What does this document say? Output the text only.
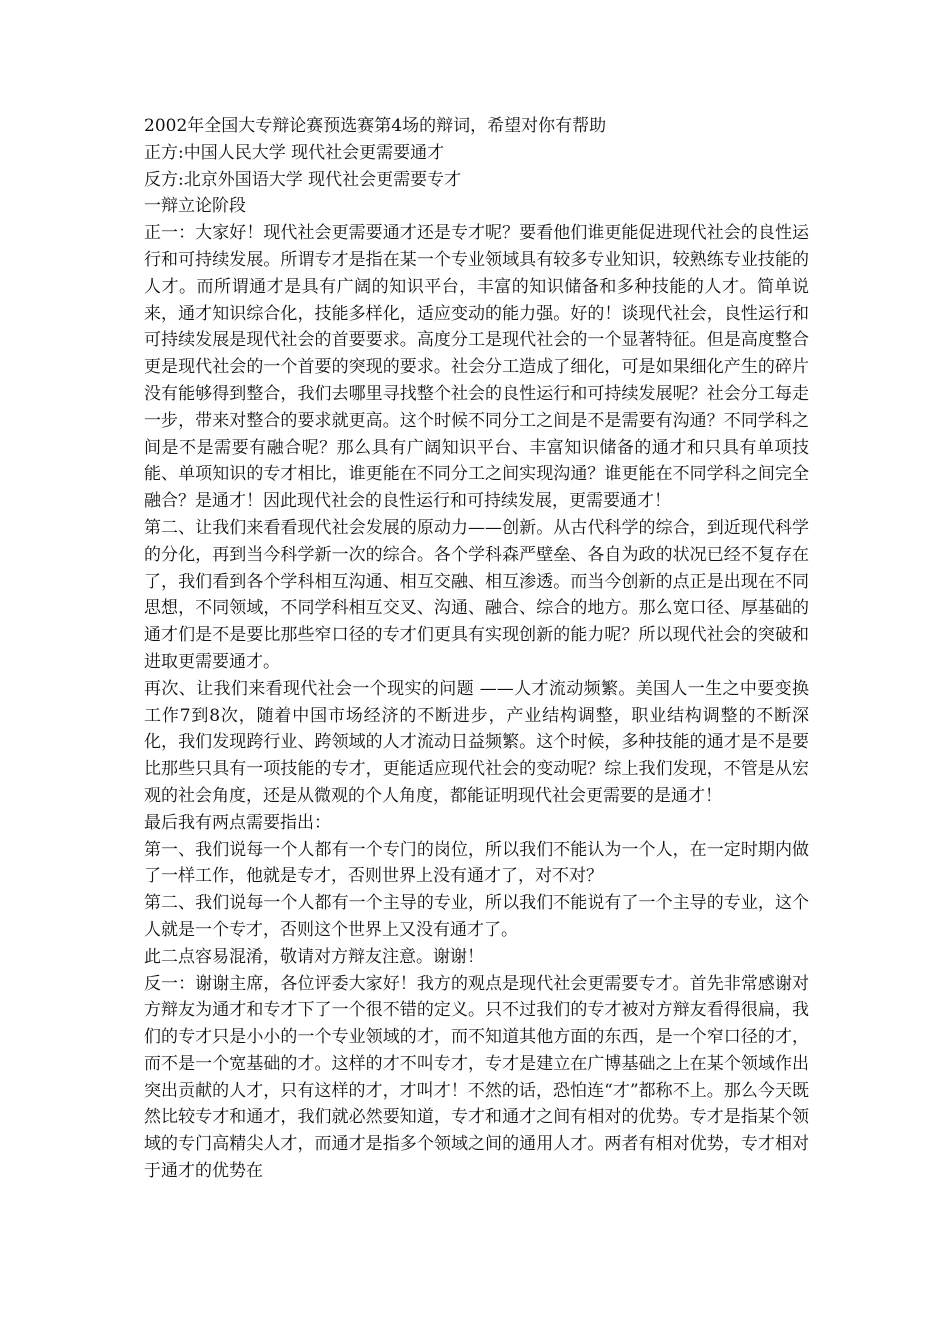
2002年全国大专辩论赛预选赛第4场的辩词，希望对你有帮助

正方:中国人民大学 现代社会更需要通才

反方:北京外国语大学 现代社会更需要专才

一辩立论阶段

正一：大家好！现代社会更需要通才还是专才呢？要看他们谁更能促进现代社会的良性运行和可持续发展。所谓专才是指在某一个专业领域具有较多专业知识，较熟练专业技能的人才。而所谓通才是具有广阔的知识平台，丰富的知识储备和多种技能的人才。简单说来，通才知识综合化，技能多样化，适应变动的能力强。好的！谈现代社会，良性运行和可持续发展是现代社会的首要要求。高度分工是现代社会的一个显著特征。但是高度整合更是现代社会的一个首要的突现的要求。社会分工造成了细化，可是如果细化产生的碎片没有能够得到整合，我们去哪里寻找整个社会的良性运行和可持续发展呢？社会分工每走一步，带来对整合的要求就更高。这个时候不同分工之间是不是需要有沟通？不同学科之间是不是需要有融合呢？那么具有广阔知识平台、丰富知识储备的通才和只具有单项技能、单项知识的专才相比，谁更能在不同分工之间实现沟通？谁更能在不同学科之间完全融合？是通才！因此现代社会的良性运行和可持续发展，更需要通才！

第二、让我们来看看现代社会发展的原动力——创新。从古代科学的综合，到近现代科学的分化，再到当今科学新一次的综合。各个学科森严壁垒、各自为政的状况已经不复存在了，我们看到各个学科相互沟通、相互交融、相互渗透。而当今创新的点正是出现在不同思想，不同领域，不同学科相互交叉、沟通、融合、综合的地方。那么宽口径、厚基础的通才们是不是要比那些窄口径的专才们更具有实现创新的能力呢？所以现代社会的突破和进取更需要通才。

再次、让我们来看现代社会一个现实的问题 ——人才流动频繁。美国人一生之中要变换工作7到8次，随着中国市场经济的不断进步，产业结构调整，职业结构调整的不断深化，我们发现跨行业、跨领域的人才流动日益频繁。这个时候，多种技能的通才是不是要比那些只具有一项技能的专才，更能适应现代社会的变动呢？综上我们发现，不管是从宏观的社会角度，还是从微观的个人角度，都能证明现代社会更需要的是通才！

最后我有两点需要指出：

第一、我们说每一个人都有一个专门的岗位，所以我们不能认为一个人，在一定时期内做了一样工作，他就是专才，否则世界上没有通才了，对不对？

第二、我们说每一个人都有一个主导的专业，所以我们不能说有了一个主导的专业，这个人就是一个专才，否则这个世界上又没有通才了。

此二点容易混淆，敬请对方辩友注意。谢谢！

反一：谢谢主席，各位评委大家好！我方的观点是现代社会更需要专才。首先非常感谢对方辩友为通才和专才下了一个很不错的定义。只不过我们的专才被对方辩友看得很扁，我们的专才只是小小的一个专业领域的才，而不知道其他方面的东西，是一个窄口径的才，而不是一个宽基础的才。这样的才不叫专才，专才是建立在广博基础之上在某个领域作出突出贡献的人才，只有这样的才，才叫才！不然的话，恐怕连“才”都称不上。那么今天既然比较专才和通才，我们就必然要知道，专才和通才之间有相对的优势。专才是指某个领域的专门高精尖人才，而通才是指多个领域之间的通用人才。两者有相对优势，专才相对于通才的优势在
